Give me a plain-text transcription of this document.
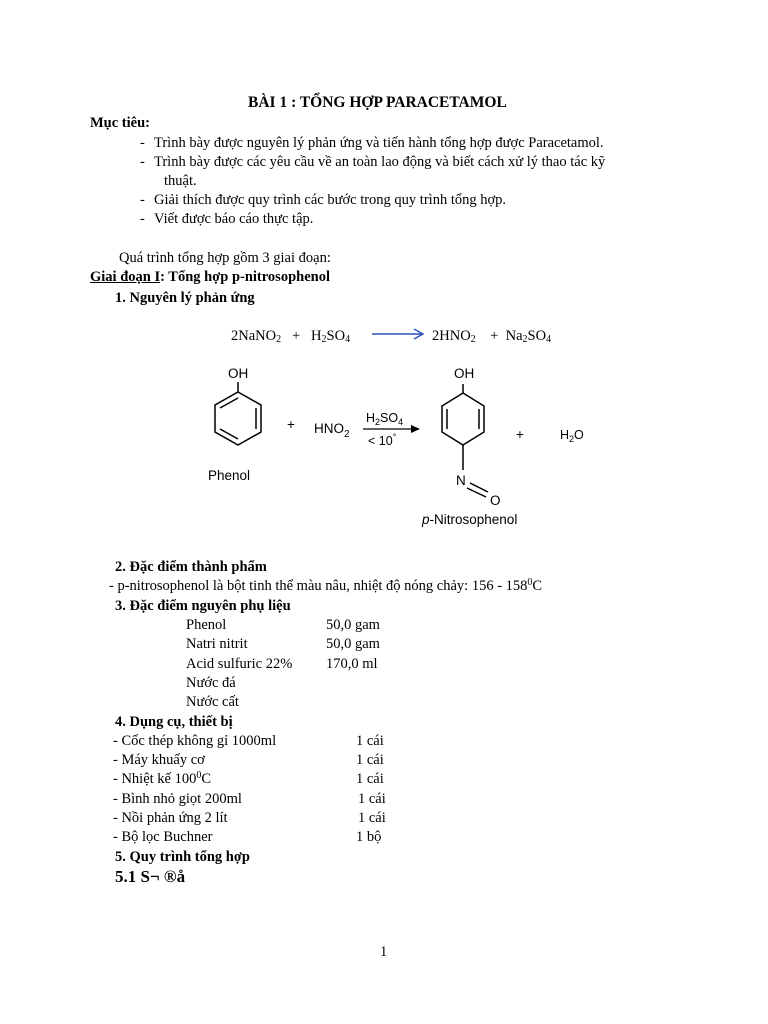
BÀI 1 : TỔNG HỢP PARACETAMOL
Mục tiêu:
- Trình bày được nguyên lý phản ứng và tiến hành tổng hợp được Paracetamol.
- Trình bày được các yêu cầu về an toàn lao động và biết cách xử lý thao tác kỹ
thuật.
- Giải thích được quy trình các bước trong quy trình tổng hợp.
- Viết được báo cáo thực tập.
Quá trình tổng hợp gồm 3 giai đoạn:
Giai đoạn I: Tổng hợp p-nitrosophenol
1. Nguyên lý phản ứng
2NaNO$_2$ + $H_2SO_4 \to 2HNO_2 + Na_2SO_4$
OH
Phenol
+ $HNO_2$
$H_2SO_4$
< 10°
OH
N
O
p-Nitrosophenol
+	$H_2O$
2. Đặc điểm thành phẩm
- p-nitrosophenol là bột tinh thể màu nâu, nhiệt độ nóng chảy: $156 - 158^0C$
3. Đặc điểm nguyên phụ liệu
Phenol	50,0 gam
Natri nitrit	50,0 gam
Acid sulfuric 22% 170,0 ml
Nước đá
Nước cất
4. Dụng cụ, thiết bị
- Cốc thép không gỉ 1000ml	1 cái
- Máy khuấy cơ	1 cái
- Nhiệt kế $100^0C$	1 cái
- Bình nhỏ giọt 200ml	1 cái
- Nồi phản ứng 2 lít	1 cái
- Bộ lọc Buchner	1 bộ
5. Quy trình tổng hợp
5.1 S¬ ®å
1
